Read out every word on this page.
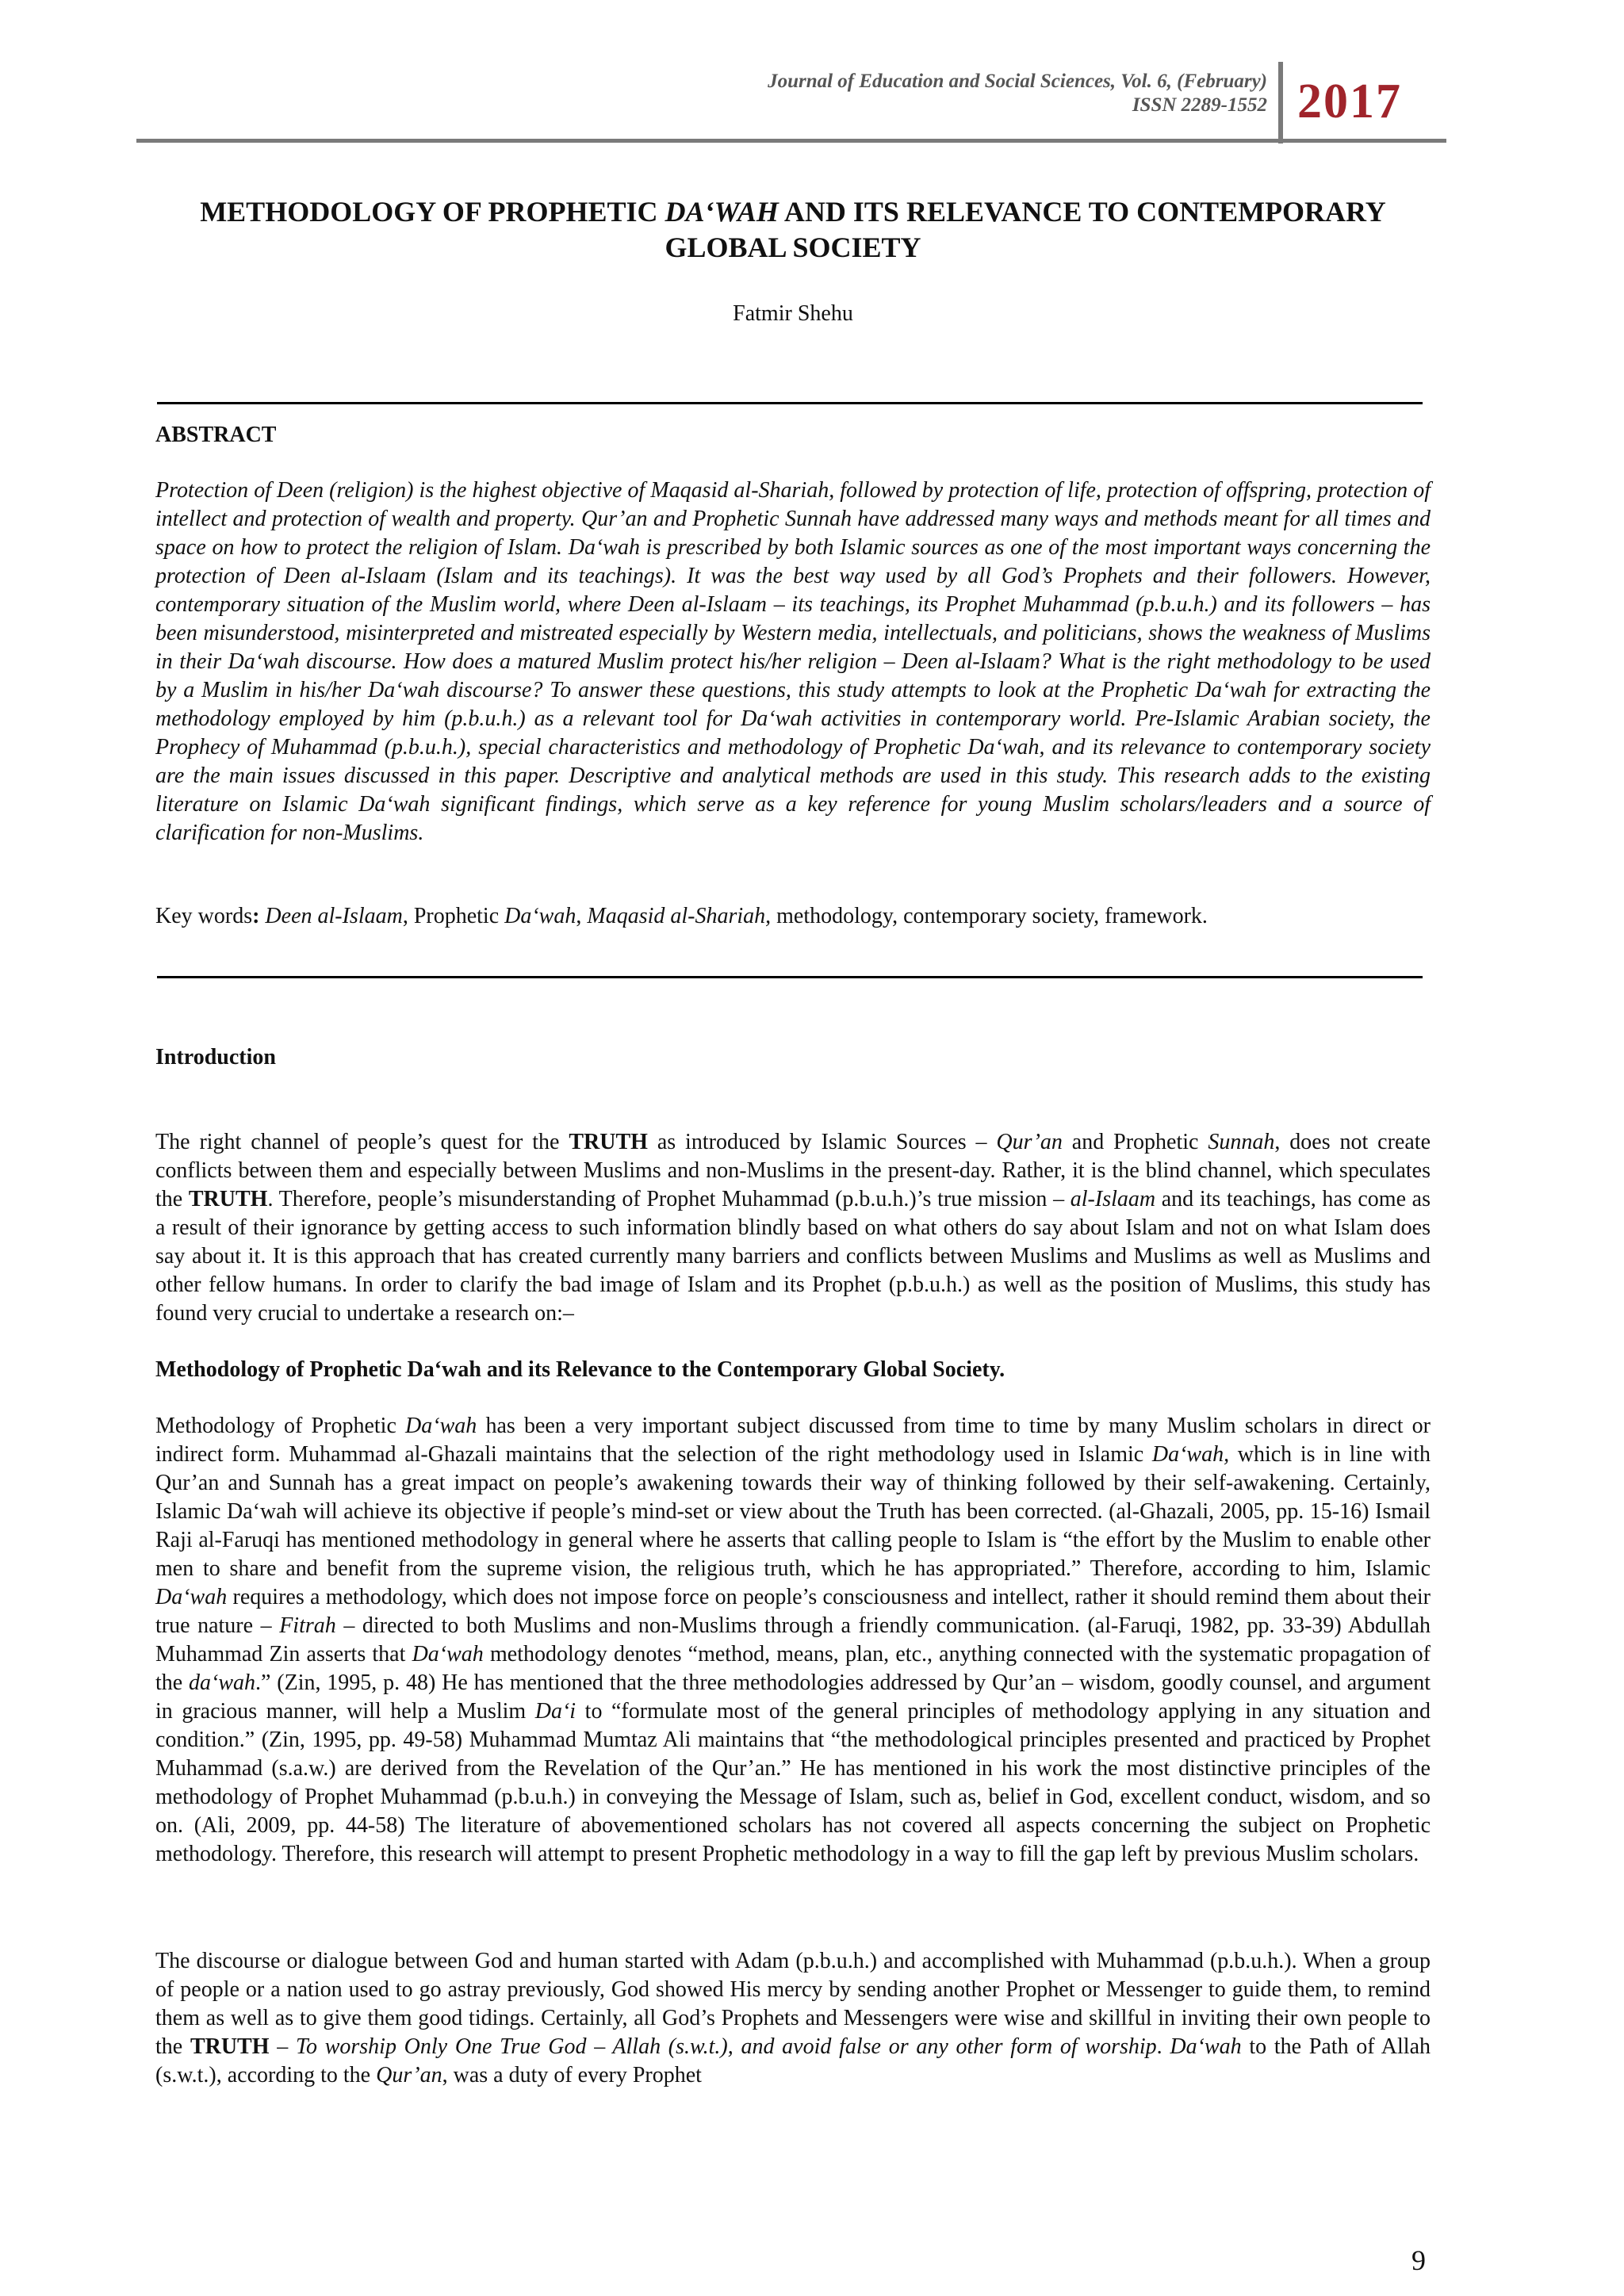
Journal of Education and Social Sciences, Vol. 6, (February)
ISSN 2289-1552 2017
METHODOLOGY OF PROPHETIC DA‘WAH AND ITS RELEVANCE TO CONTEMPORARY
GLOBAL SOCIETY
Fatmir Shehu
ABSTRACT

Protection of Deen (religion) is the highest objective of Maqasid al-Shariah, followed by protection of life, protection of offspring, protection of intellect and protection of wealth and property. Qur’an and Prophetic Sunnah have addressed many ways and methods meant for all times and space on how to protect the religion of Islam. Da‘wah is prescribed by both Islamic sources as one of the most important ways concerning the protection of Deen al-Islaam (Islam and its teachings). It was the best way used by all God’s Prophets and their followers. However, contemporary situation of the Muslim world, where Deen al-Islaam – its teachings, its Prophet Muhammad (p.b.u.h.) and its followers – has been misunderstood, misinterpreted and mistreated especially by Western media, intellectuals, and politicians, shows the weakness of Muslims in their Da‘wah discourse. How does a matured Muslim protect his/her religion – Deen al-Islaam? What is the right methodology to be used by a Muslim in his/her Da‘wah discourse? To answer these questions, this study attempts to look at the Prophetic Da‘wah for extracting the methodology employed by him (p.b.u.h.) as a relevant tool for Da‘wah activities in contemporary world. Pre-Islamic Arabian society, the Prophecy of Muhammad (p.b.u.h.), special characteristics and methodology of Prophetic Da‘wah, and its relevance to contemporary society are the main issues discussed in this paper. Descriptive and analytical methods are used in this study. This research adds to the existing literature on Islamic Da‘wah significant findings, which serve as a key reference for young Muslim scholars/leaders and a source of clarification for non-Muslims.

Key words: Deen al-Islaam, Prophetic Da‘wah, Maqasid al-Shariah, methodology, contemporary society, framework.
Introduction

The right channel of people’s quest for the TRUTH as introduced by Islamic Sources – Qur’an and Prophetic Sunnah, does not create conflicts between them and especially between Muslims and non-Muslims in the present-day. Rather, it is the blind channel, which speculates the TRUTH. Therefore, people’s misunderstanding of Prophet Muhammad (p.b.u.h.)’s true mission – al-Islaam and its teachings, has come as a result of their ignorance by getting access to such information blindly based on what others do say about Islam and not on what Islam does say about it. It is this approach that has created currently many barriers and conflicts between Muslims and Muslims as well as Muslims and other fellow humans. In order to clarify the bad image of Islam and its Prophet (p.b.u.h.) as well as the position of Muslims, this study has found very crucial to undertake a research on:–

Methodology of Prophetic Da‘wah and its Relevance to the Contemporary Global Society.

Methodology of Prophetic Da‘wah has been a very important subject discussed from time to time by many Muslim scholars in direct or indirect form. Muhammad al-Ghazali maintains that the selection of the right methodology used in Islamic Da‘wah, which is in line with Qur’an and Sunnah has a great impact on people’s awakening towards their way of thinking followed by their self-awakening. Certainly, Islamic Da‘wah will achieve its objective if people’s mind-set or view about the Truth has been corrected. (al-Ghazali, 2005, pp. 15-16) Ismail Raji al-Faruqi has mentioned methodology in general where he asserts that calling people to Islam is “the effort by the Muslim to enable other men to share and benefit from the supreme vision, the religious truth, which he has appropriated.” Therefore, according to him, Islamic Da‘wah requires a methodology, which does not impose force on people’s consciousness and intellect, rather it should remind them about their true nature – Fitrah – directed to both Muslims and non-Muslims through a friendly communication. (al-Faruqi, 1982, pp. 33-39) Abdullah Muhammad Zin asserts that Da‘wah methodology denotes “method, means, plan, etc., anything connected with the systematic propagation of the da‘wah.” (Zin, 1995, p. 48) He has mentioned that the three methodologies addressed by Qur’an – wisdom, goodly counsel, and argument in gracious manner, will help a Muslim Da‘i to “formulate most of the general principles of methodology applying in any situation and condition.” (Zin, 1995, pp. 49-58) Muhammad Mumtaz Ali maintains that “the methodological principles presented and practiced by Prophet Muhammad (s.a.w.) are derived from the Revelation of the Qur’an.” He has mentioned in his work the most distinctive principles of the methodology of Prophet Muhammad (p.b.u.h.) in conveying the Message of Islam, such as, belief in God, excellent conduct, wisdom, and so on. (Ali, 2009, pp. 44-58) The literature of abovementioned scholars has not covered all aspects concerning the subject on Prophetic methodology. Therefore, this research will attempt to present Prophetic methodology in a way to fill the gap left by previous Muslim scholars.

The discourse or dialogue between God and human started with Adam (p.b.u.h.) and accomplished with Muhammad (p.b.u.h.). When a group of people or a nation used to go astray previously, God showed His mercy by sending another Prophet or Messenger to guide them, to remind them as well as to give them good tidings. Certainly, all God’s Prophets and Messengers were wise and skillful in inviting their own people to the TRUTH – To worship Only One True God – Allah (s.w.t.), and avoid false or any other form of worship. Da‘wah to the Path of Allah (s.w.t.), according to the Qur’an, was a duty of every Prophet

9
